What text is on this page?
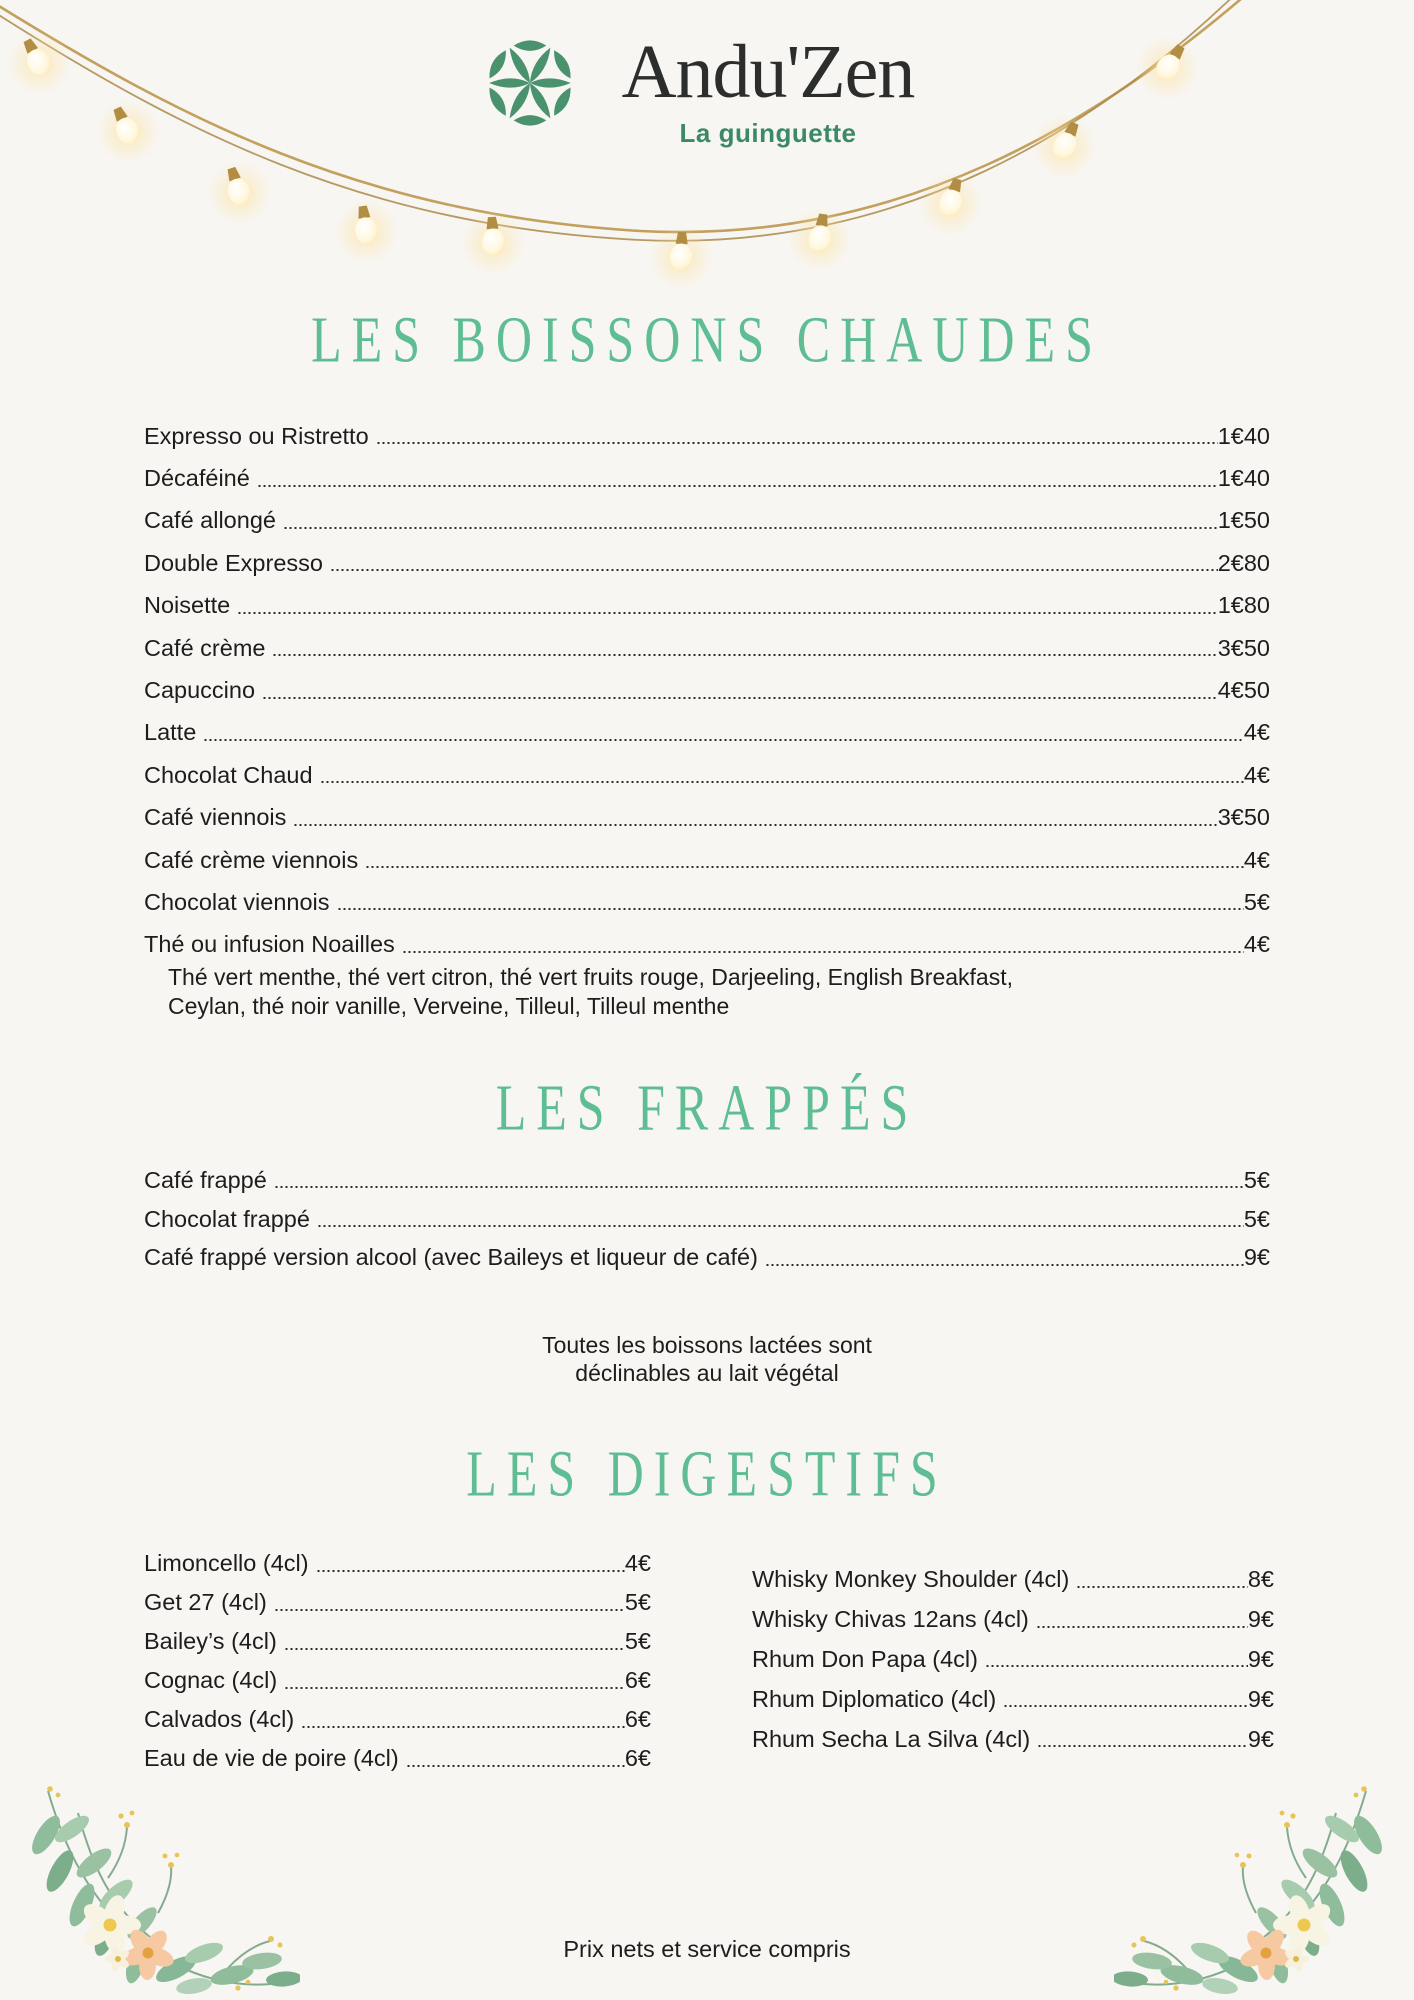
Andu'Zen
La guinguette
LES BOISSONS CHAUDES
Expresso ou Ristretto	1€40
Décaféiné	1€40
Café allongé	1€50
Double Expresso	2€80
Noisette	1€80
Café crème	3€50
Capuccino	4€50
Latte	4€
Chocolat Chaud	4€
Café viennois	3€50
Café crème viennois	4€
Chocolat viennois	5€
Thé ou infusion Noailles	4€
Thé vert menthe, thé vert citron, thé vert fruits rouge, Darjeeling, English Breakfast,
Ceylan, thé noir vanille, Verveine, Tilleul, Tilleul menthe
LES FRAPPÉS
Café frappé	5€
Chocolat frappé	5€
Café frappé version alcool (avec Baileys et liqueur de café)	9€
Toutes les boissons lactées sont
déclinables au lait végétal
LES DIGESTIFS
Limoncello (4cl)	4€
Get 27 (4cl)	5€
Bailey’s (4cl)	5€
Cognac (4cl)	6€
Calvados (4cl)	6€
Eau de vie de poire (4cl)	6€
Whisky Monkey Shoulder (4cl)	8€
Whisky Chivas 12ans (4cl)	9€
Rhum Don Papa (4cl)	9€
Rhum Diplomatico (4cl)	9€
Rhum Secha La Silva (4cl)	9€
Prix nets et service compris
